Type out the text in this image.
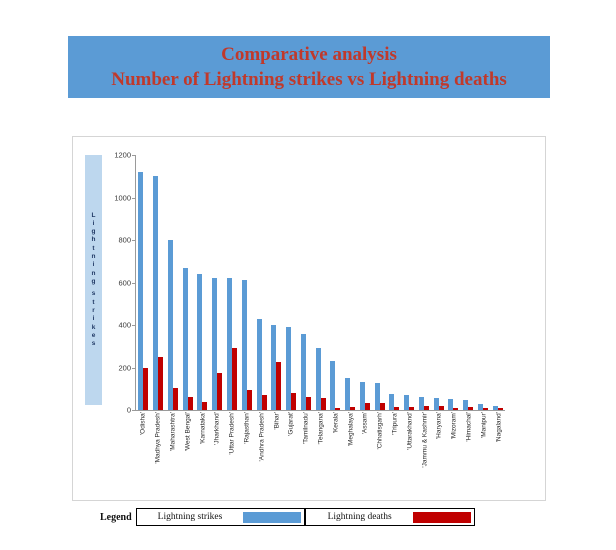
Comparative analysis
Number of Lightning strikes vs Lightning deaths
L
i
g
h
t
n
i
n
g
s
t
r
i
k
e
s
0
200
400
600
800
1000
1200
'Odisha' 'Madhya Pradesh' 'Maharashtra' 'West Bengal' 'Karnataka' 'Jharkhand' 'Uttar Pradesh' 'Rajasthan' 'Andhra Pradesh' 'Bihar' 'Gujarat' 'Tamilnadu' 'Telangana' 'Kerala' 'Meghalaya' 'Assam' 'Chhatisgarh' 'Tripura' 'Uttarakhand' 'Jammu & Kashmir' 'Haryana' 'Mizoram' 'Himachal' 'Manipur' 'Nagaland'
Legend	Lightning strikes	Lightning deaths
